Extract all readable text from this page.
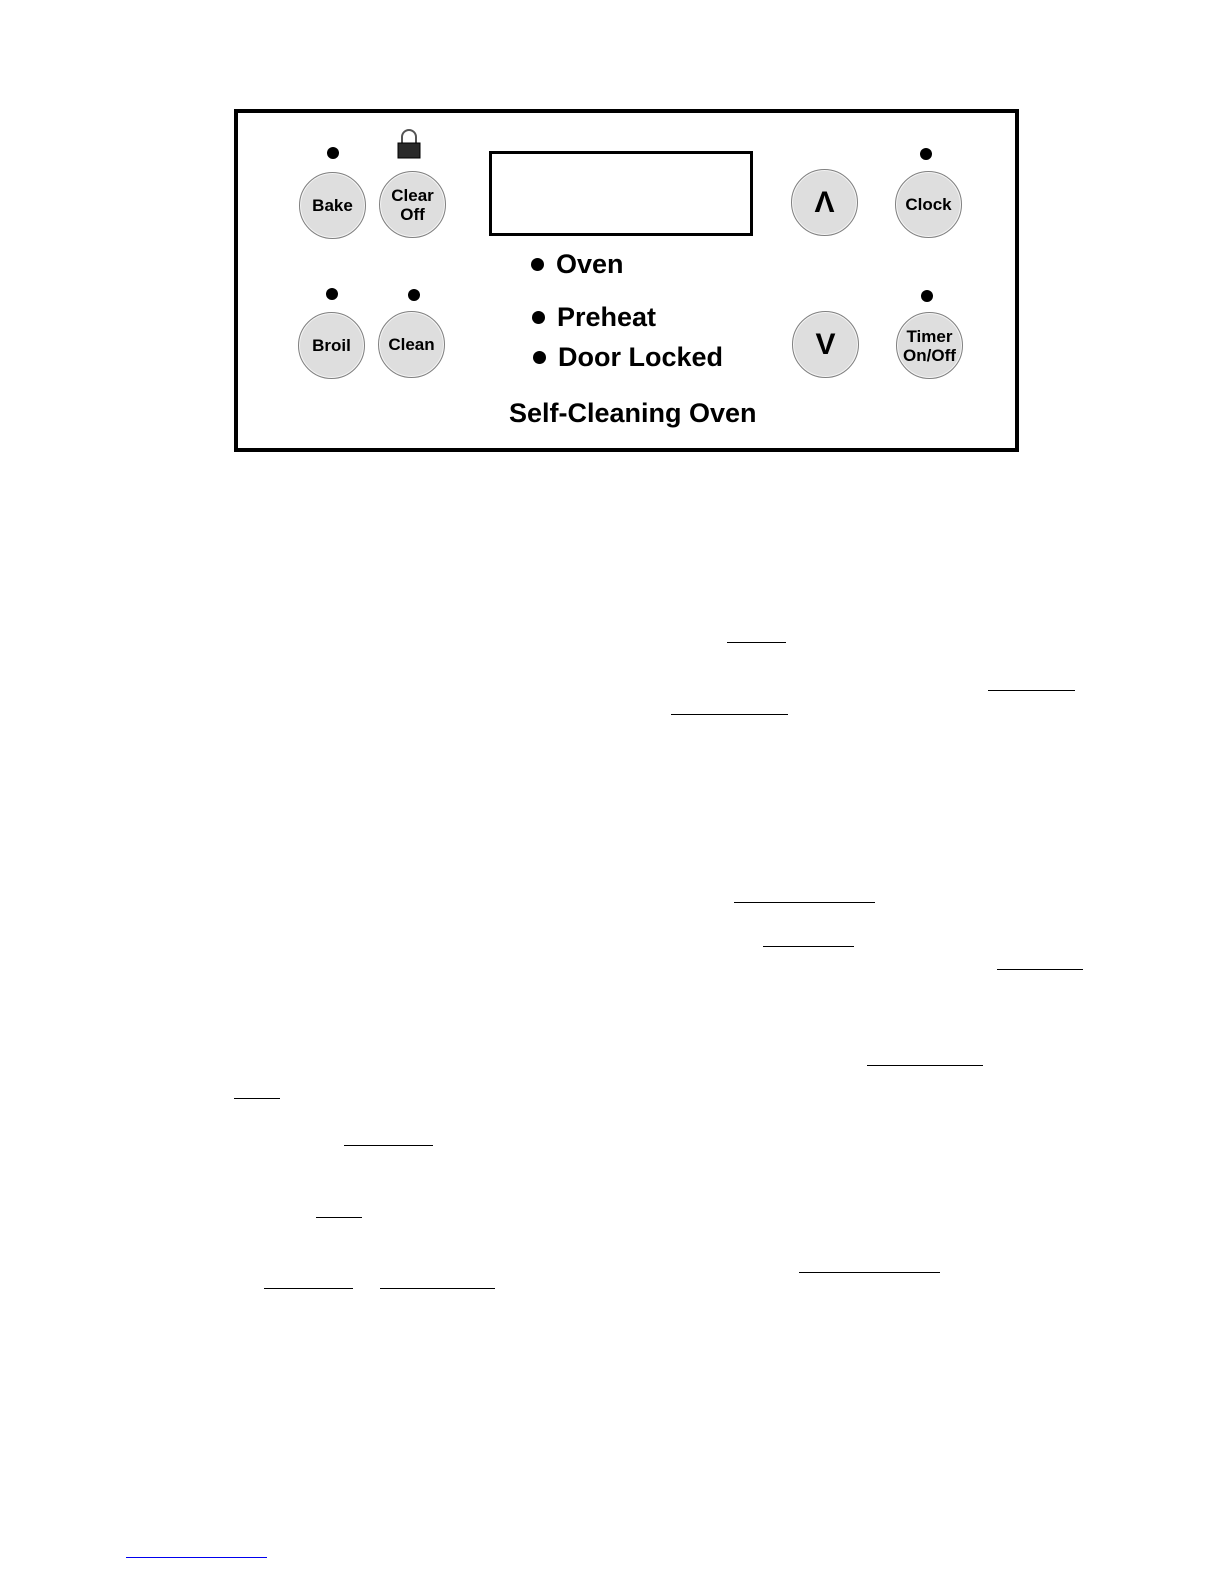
Bake
Clear
Off
Broil	Clean
Λ
V
Clock
Timer
On/Off
Oven
Preheat
Door Locked
Self-Cleaning Oven
